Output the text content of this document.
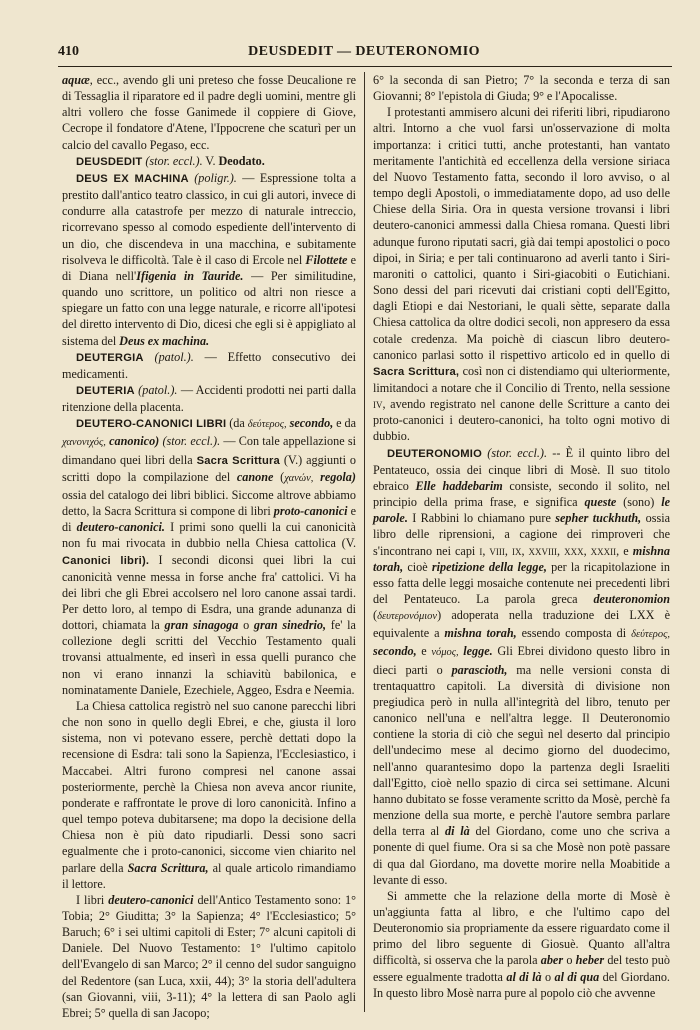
410	DEUSDEDIT — DEUTERONOMIO

aquæ, ecc., avendo gli uni preteso che fosse Deucalione re di Tessaglia il riparatore ed il padre degli uomini, mentre gli altri vollero che fosse Ganimede il coppiere di Giove, Cecrope il fondatore d'Atene, l'Ippocrene che scaturì per un calcio del cavallo Pegaso, ecc.

DEUSDEDIT (stor. eccl.). V. Deodato.

DEUS EX MACHINA (poligr.). — Espressione tolta a prestito dall'antico teatro classico, in cui gli autori, invece di condurre alla catastrofe per mezzo di naturale intreccio, ricorrevano spesso al comodo espediente dell'intervento di un dio, che discendeva in una macchina, e subitamente risolveva le difficoltà. Tale è il caso di Ercole nel Filottete e di Diana nell'Ifigenia in Tauride. — Per similitudine, quando uno scrittore, un politico od altri non riesce a spiegare un fatto con una legge naturale, e ricorre all'ipotesi del diretto intervento di Dio, dicesi che egli si è appigliato al sistema del Deus ex machina.

DEUTERGIA (patol.). — Effetto consecutivo dei medicamenti.

DEUTERIA (patol.). — Accidenti prodotti nei parti dalla ritenzione della placenta.

DEUTERO-CANONICI LIBRI (da δεύτερος, secondo, e da χανονιχός, canonico) (stor. eccl.). — Con tale appellazione si dimandano quei libri della Sacra Scrittura (V.) aggiunti o scritti dopo la compilazione del canone (χανών, regola) ossia del catalogo dei libri biblici. Siccome altrove abbiamo detto, la Sacra Scrittura si compone di libri proto-canonici e di deutero-canonici. I primi sono quelli la cui canonicità non fu mai rivocata in dubbio nella Chiesa cattolica (V. Canonici libri). I secondi diconsi quei libri la cui canonicità venne messa in forse anche fra' cattolici. Vi ha dei libri che gli Ebrei accolsero nel loro canone assai tardi. Per detto loro, al tempo di Esdra, una grande adunanza di dottori, chiamata la gran sinagoga o gran sinedrio, fe' la collezione degli scritti del Vecchio Testamento quali trovansi attualmente, ed inserì in essa quelli puranco che non vi erano innanzi la schiavitù babilonica, e nominatamente Daniele, Ezechiele, Aggeo, Esdra e Neemia.

La Chiesa cattolica registrò nel suo canone parecchi libri che non sono in quello degli Ebrei, e che, giusta il loro sistema, non vi potevano essere, perchè dettati dopo la recensione di Esdra: tali sono la Sapienza, l'Ecclesiastico, i Maccabei. Altri furono compresi nel canone assai posteriormente, perchè la Chiesa non aveva ancor riunite, ponderate e raffrontate le prove di loro canonicità. Infino a quel tempo poteva dubitarsene; ma dopo la decisione della Chiesa non è più dato ripudiarli. Dessi sono sacri egualmente che i proto-canonici, siccome vien chiarito nel parlare della Sacra Scrittura, al quale articolo rimandiamo il lettore.

I libri deutero-canonici dell'Antico Testamento sono: 1° Tobia; 2° Giuditta; 3° la Sapienza; 4° l'Ecclesiastico; 5° Baruch; 6° i sei ultimi capitoli di Ester; 7° alcuni capitoli di Daniele. Del Nuovo Testamento: 1° l'ultimo capitolo dell'Evangelo di san Marco; 2° il cenno del sudor sanguigno del Redentore (san Luca, xxii, 44); 3° la storia dell'adultera (san Giovanni, viii, 3-11); 4° la lettera di san Paolo agli Ebrei; 5° quella di san Jacopo;

6° la seconda di san Pietro; 7° la seconda e terza di san Giovanni; 8° l'epistola di Giuda; 9° e l'Apocalisse.

I protestanti ammisero alcuni dei riferiti libri, ripudiarono altri. Intorno a che vuol farsi un'osservazione di molta importanza: i critici tutti, anche protestanti, han vantato meritamente l'antichità ed eccellenza della versione siriaca del Nuovo Testamento fatta, secondo il loro avviso, o al tempo degli Apostoli, o immediatamente dopo, ad uso delle Chiese della Siria. Ora in questa versione trovansi i libri deutero-canonici ammessi dalla Chiesa romana. Questi libri adunque furono riputati sacri, già dai tempi apostolici o poco dipoi, in Siria; e per tali continuarono ad averli tanto i Siri-maroniti o cattolici, quanto i Siri-giacobiti o Eutichiani. Sono dessi del pari ricevuti dai cristiani copti dell'Egitto, dagli Etiopi e dai Nestoriani, le quali sètte, separate dalla Chiesa cattolica da oltre dodici secoli, non appresero da essa cotale credenza. Ma poichè di ciascun libro deutero-canonico parlasi sotto il rispettivo articolo ed in quello di Sacra Scrittura, così non ci distendiamo qui ulteriormente, limitandoci a notare che il Concilio di Trento, nella sessione iv, avendo registrato nel canone delle Scritture a canto dei proto-canonici i deutero-canonici, ha tolto ogni motivo di dubbio.

DEUTERONOMIO (stor. eccl.). -- È il quinto libro del Pentateuco, ossia dei cinque libri di Mosè. Il suo titolo ebraico Elle haddebarim consiste, secondo il solito, nel principio della prima frase, e significa queste (sono) le parole. I Rabbini lo chiamano pure sepher tuckhuth, ossia libro delle riprensioni, a cagione dei rimproveri che s'incontrano nei capi i, viii, ix, xxviii, xxx, xxxii, e mishna torah, cioè ripetizione della legge, per la ricapitolazione in esso fatta delle leggi mosaiche contenute nei precedenti libri del Pentateuco. La parola greca deuteronomion (δευτερονόμιον) adoperata nella traduzione dei LXX è equivalente a mishna torah, essendo composta di δεύτερος, secondo, e νόμος, legge. Gli Ebrei dividono questo libro in dieci parti o parascioth, ma nelle versioni consta di trentaquattro capitoli. La diversità di divisione non pregiudica però in nulla all'integrità del libro, tenuto per canonico nell'una e nell'altra legge. Il Deuteronomio contiene la storia di ciò che seguì nel deserto dal principio dell'undecimo mese al decimo giorno del duodecimo, nell'anno quarantesimo dopo la partenza degli Israeliti dall'Egitto, cioè nello spazio di circa sei settimane. Alcuni hanno dubitato se fosse veramente scritto da Mosè, perchè fa menzione della sua morte, e perchè l'autore sembra parlare della terra al di là del Giordano, come uno che scriva a ponente di quel fiume. Ora si sa che Mosè non potè passare di qua dal Giordano, ma dovette morire nella Moabitide a levante di esso.

Si ammette che la relazione della morte di Mosè è un'aggiunta fatta al libro, e che l'ultimo capo del Deuteronomio sia propriamente da essere riguardato come il primo del libro seguente di Giosuè. Quanto all'altra difficoltà, si osserva che la parola aber o heber del testo può essere egualmente tradotta al di là o al di qua del Giordano. In questo libro Mosè narra pure al popolo ciò che avvenne
